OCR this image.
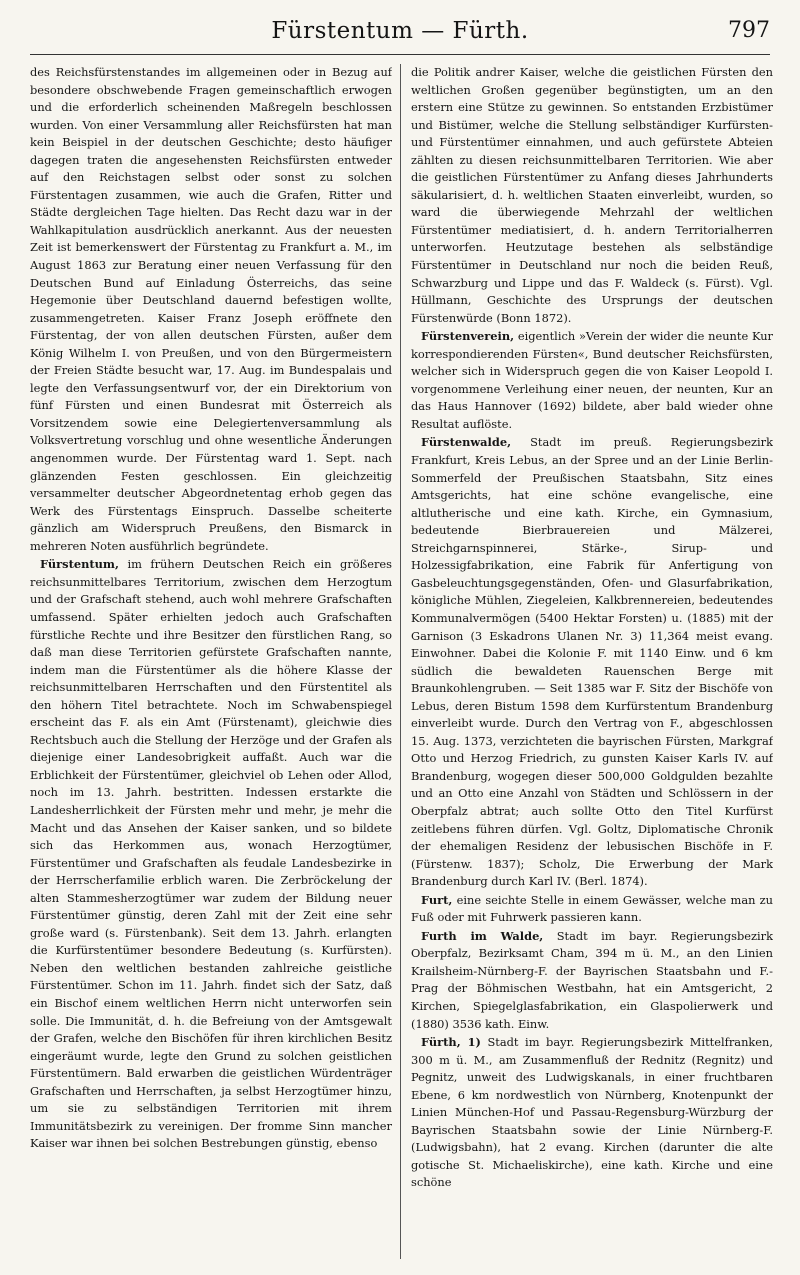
Fürstentum — Fürth.	797

des Reichsfürstenstandes im allgemeinen oder in Bezug auf besondere obschwebende Fragen gemeinschaftlich erwogen und die erforderlich scheinenden Maßregeln beschlossen wurden. Von einer Versammlung aller Reichsfürsten hat man kein Beispiel in der deutschen Geschichte; desto häufiger dagegen traten die angesehensten Reichsfürsten entweder auf den Reichstagen selbst oder sonst zu solchen Fürstentagen zusammen, wie auch die Grafen, Ritter und Städte dergleichen Tage hielten. Das Recht dazu war in der Wahlkapitulation ausdrücklich anerkannt. Aus der neuesten Zeit ist bemerkenswert der Fürstentag zu Frankfurt a. M., im August 1863 zur Beratung einer neuen Verfassung für den Deutschen Bund auf Einladung Österreichs, das seine Hegemonie über Deutschland dauernd befestigen wollte, zusammengetreten. Kaiser Franz Joseph eröffnete den Fürstentag, der von allen deutschen Fürsten, außer dem König Wilhelm I. von Preußen, und von den Bürgermeistern der Freien Städte besucht war, 17. Aug. im Bundespalais und legte den Verfassungsentwurf vor, der ein Direktorium von fünf Fürsten und einen Bundesrat mit Österreich als Vorsitzendem sowie eine Delegiertenversammlung als Volksvertretung vorschlug und ohne wesentliche Änderungen angenommen wurde. Der Fürstentag ward 1. Sept. nach glänzenden Festen geschlossen. Ein gleichzeitig versammelter deutscher Abgeordnetentag erhob gegen das Werk des Fürstentags Einspruch. Dasselbe scheiterte gänzlich am Widerspruch Preußens, den Bismarck in mehreren Noten ausführlich begründete.

Fürstentum, im frühern Deutschen Reich ein größeres reichsunmittelbares Territorium, zwischen dem Herzogtum und der Grafschaft stehend, auch wohl mehrere Grafschaften umfassend. Später erhielten jedoch auch Grafschaften fürstliche Rechte und ihre Besitzer den fürstlichen Rang, so daß man diese Territorien gefürstete Grafschaften nannte, indem man die Fürstentümer als die höhere Klasse der reichsunmittelbaren Herrschaften und den Fürstentitel als den höhern Titel betrachtete. Noch im Schwabenspiegel erscheint das F. als ein Amt (Fürstenamt), gleichwie dies Rechtsbuch auch die Stellung der Herzöge und der Grafen als diejenige einer Landesobrigkeit auffaßt. Auch war die Erblichkeit der Fürstentümer, gleichviel ob Lehen oder Allod, noch im 13. Jahrh. bestritten. Indessen erstarkte die Landesherrlichkeit der Fürsten mehr und mehr, je mehr die Macht und das Ansehen der Kaiser sanken, und so bildete sich das Herkommen aus, wonach Herzogtümer, Fürstentümer und Grafschaften als feudale Landesbezirke in der Herrscherfamilie erblich waren. Die Zerbröckelung der alten Stammesherzogtümer war zudem der Bildung neuer Fürstentümer günstig, deren Zahl mit der Zeit eine sehr große ward (s. Fürstenbank). Seit dem 13. Jahrh. erlangten die Kurfürstentümer besondere Bedeutung (s. Kurfürsten). Neben den weltlichen bestanden zahlreiche geistliche Fürstentümer. Schon im 11. Jahrh. findet sich der Satz, daß ein Bischof einem weltlichen Herrn nicht unterworfen sein solle. Die Immunität, d. h. die Befreiung von der Amtsgewalt der Grafen, welche den Bischöfen für ihren kirchlichen Besitz eingeräumt wurde, legte den Grund zu solchen geistlichen Fürstentümern. Bald erwarben die geistlichen Würdenträger Grafschaften und Herrschaften, ja selbst Herzogtümer hinzu, um sie zu selbständigen Territorien mit ihrem Immunitätsbezirk zu vereinigen. Der fromme Sinn mancher Kaiser war ihnen bei solchen Bestrebungen günstig, ebenso

die Politik andrer Kaiser, welche die geistlichen Fürsten den weltlichen Großen gegenüber begünstigten, um an den erstern eine Stütze zu gewinnen. So entstanden Erzbistümer und Bistümer, welche die Stellung selbständiger Kurfürsten- und Fürstentümer einnahmen, und auch gefürstete Abteien zählten zu diesen reichsunmittelbaren Territorien. Wie aber die geistlichen Fürstentümer zu Anfang dieses Jahrhunderts säkularisiert, d. h. weltlichen Staaten einverleibt, wurden, so ward die überwiegende Mehrzahl der weltlichen Fürstentümer mediatisiert, d. h. andern Territorialherren unterworfen. Heutzutage bestehen als selbständige Fürstentümer in Deutschland nur noch die beiden Reuß, Schwarzburg und Lippe und das F. Waldeck (s. Fürst). Vgl. Hüllmann, Geschichte des Ursprungs der deutschen Fürstenwürde (Bonn 1872).

Fürstenverein, eigentlich »Verein der wider die neunte Kur korrespondierenden Fürsten«, Bund deutscher Reichsfürsten, welcher sich in Widerspruch gegen die von Kaiser Leopold I. vorgenommene Verleihung einer neuen, der neunten, Kur an das Haus Hannover (1692) bildete, aber bald wieder ohne Resultat auflöste.

Fürstenwalde, Stadt im preuß. Regierungsbezirk Frankfurt, Kreis Lebus, an der Spree und an der Linie Berlin-Sommerfeld der Preußischen Staatsbahn, Sitz eines Amtsgerichts, hat eine schöne evangelische, eine altlutherische und eine kath. Kirche, ein Gymnasium, bedeutende Bierbrauereien und Mälzerei, Streichgarnspinnerei, Stärke-, Sirup- und Holzessigfabrikation, eine Fabrik für Anfertigung von Gasbeleuchtungsgegenständen, Ofen- und Glasurfabrikation, königliche Mühlen, Ziegeleien, Kalkbrennereien, bedeutendes Kommunalvermögen (5400 Hektar Forsten) u. (1885) mit der Garnison (3 Eskadrons Ulanen Nr. 3) 11,364 meist evang. Einwohner. Dabei die Kolonie F. mit 1140 Einw. und 6 km südlich die bewaldeten Rauenschen Berge mit Braunkohlengruben. — Seit 1385 war F. Sitz der Bischöfe von Lebus, deren Bistum 1598 dem Kurfürstentum Brandenburg einverleibt wurde. Durch den Vertrag von F., abgeschlossen 15. Aug. 1373, verzichteten die bayrischen Fürsten, Markgraf Otto und Herzog Friedrich, zu gunsten Kaiser Karls IV. auf Brandenburg, wogegen dieser 500,000 Goldgulden bezahlte und an Otto eine Anzahl von Städten und Schlössern in der Oberpfalz abtrat; auch sollte Otto den Titel Kurfürst zeitlebens führen dürfen. Vgl. Goltz, Diplomatische Chronik der ehemaligen Residenz der lebusischen Bischöfe in F. (Fürstenw. 1837); Scholz, Die Erwerbung der Mark Brandenburg durch Karl IV. (Berl. 1874).

Furt, eine seichte Stelle in einem Gewässer, welche man zu Fuß oder mit Fuhrwerk passieren kann.

Furth im Walde, Stadt im bayr. Regierungsbezirk Oberpfalz, Bezirksamt Cham, 394 m ü. M., an den Linien Krailsheim-Nürnberg-F. der Bayrischen Staatsbahn und F.-Prag der Böhmischen Westbahn, hat ein Amtsgericht, 2 Kirchen, Spiegelglasfabrikation, ein Glaspolierwerk und (1880) 3536 kath. Einw.

Fürth, 1) Stadt im bayr. Regierungsbezirk Mittelfranken, 300 m ü. M., am Zusammenfluß der Rednitz (Regnitz) und Pegnitz, unweit des Ludwigskanals, in einer fruchtbaren Ebene, 6 km nordwestlich von Nürnberg, Knotenpunkt der Linien München-Hof und Passau-Regensburg-Würzburg der Bayrischen Staatsbahn sowie der Linie Nürnberg-F. (Ludwigsbahn), hat 2 evang. Kirchen (darunter die alte gotische St. Michaeliskirche), eine kath. Kirche und eine schöne
